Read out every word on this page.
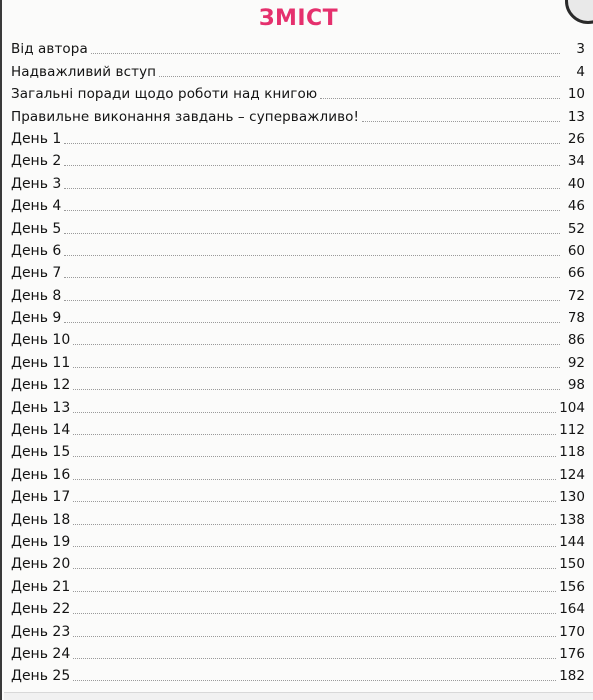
ЗМІСТ
Від автора	3
Надважливий вступ	4
Загальні поради щодо роботи над книгою	10
Правильне виконання завдань – суперважливо!	13
День 1	26
День 2	34
День 3	40
День 4	46
День 5	52
День 6	60
День 7	66
День 8	72
День 9	78
День 10	86
День 11	92
День 12	98
День 13	104
День 14	112
День 15	118
День 16	124
День 17	130
День 18	138
День 19	144
День 20	150
День 21	156
День 22	164
День 23	170
День 24	176
День 25	182
